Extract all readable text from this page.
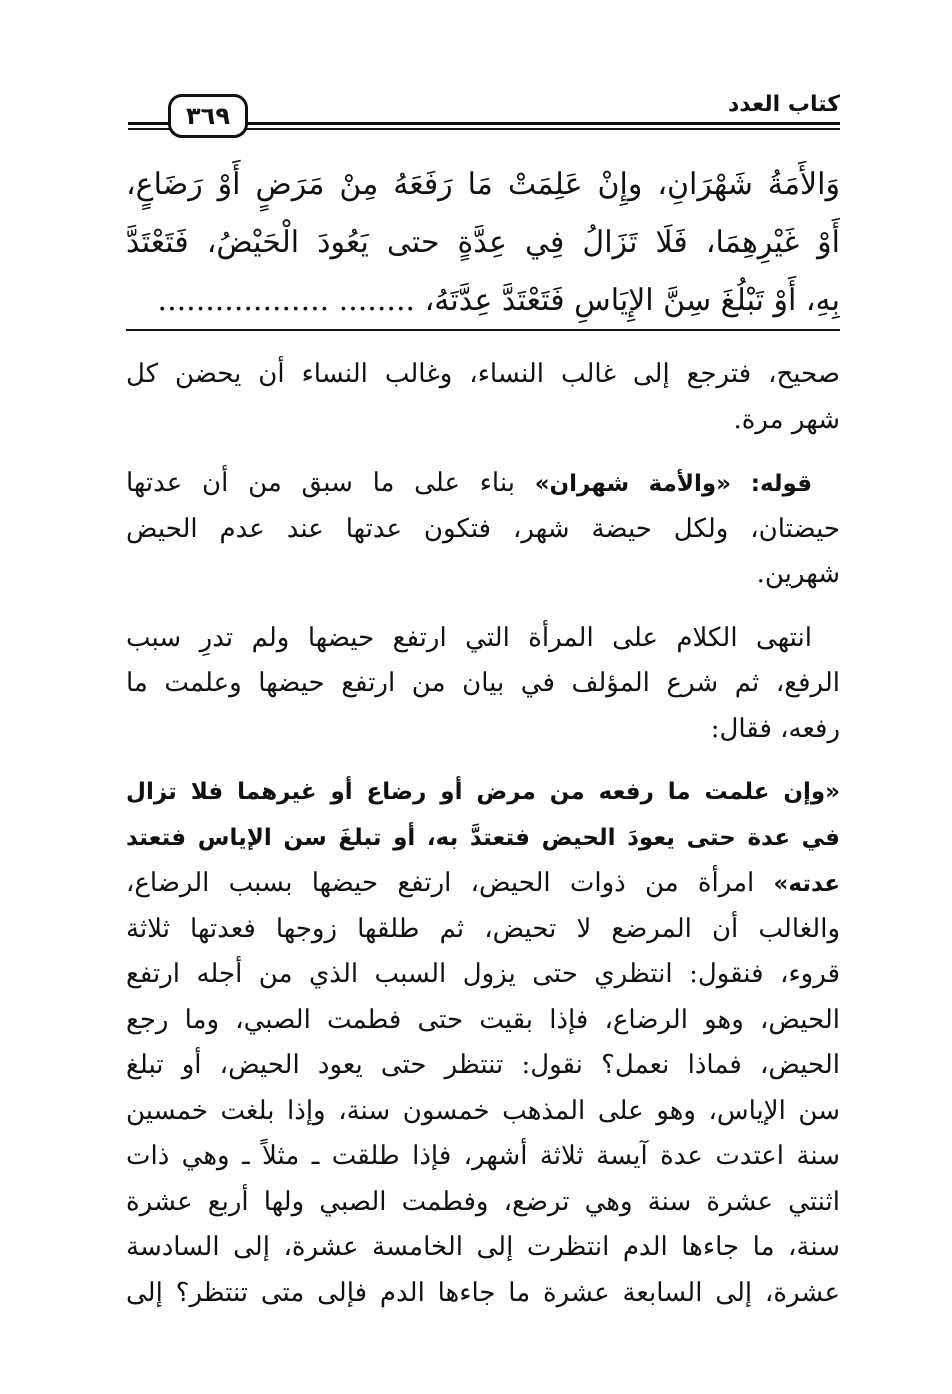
٣٦٩	كتاب العدد
وَالأَمَةُ شَهْرَانِ، وإِنْ عَلِمَتْ مَا رَفَعَهُ مِنْ مَرَضٍ أَوْ رَضَاعٍ،
أَوْ غَيْرِهِمَا، فَلَا تَزَالُ فِي عِدَّةٍ حتى يَعُودَ الْحَيْضُ، فَتَعْتَدَّ
بِهِ، أَوْ تَبْلُغَ سِنَّ الإِيَاسِ فَتَعْتَدَّ عِدَّتَهُ، ........ ..................

صحيح، فترجع إلى غالب النساء، وغالب النساء أن يحضن كل
شهر مرة.

قوله: «والأمة شهران» بناء على ما سبق من أن عدتها
حيضتان، ولكل حيضة شهر، فتكون عدتها عند عدم الحيض
شهرين.

انتهى الكلام على المرأة التي ارتفع حيضها ولم تدرِ سبب
الرفع، ثم شرع المؤلف في بيان من ارتفع حيضها وعلمت ما
رفعه، فقال:

«وإن علمت ما رفعه من مرض أو رضاع أو غيرهما فلا تزال
في عدة حتى يعودَ الحيض فتعتدَّ به، أو تبلغَ سن الإياس فتعتد
عدته» امرأة من ذوات الحيض، ارتفع حيضها بسبب الرضاع،
والغالب أن المرضع لا تحيض، ثم طلقها زوجها فعدتها ثلاثة
قروء، فنقول: انتظري حتى يزول السبب الذي من أجله ارتفع
الحيض، وهو الرضاع، فإذا بقيت حتى فطمت الصبي، وما رجع
الحيض، فماذا نعمل؟ نقول: تنتظر حتى يعود الحيض، أو تبلغ
سن الإياس، وهو على المذهب خمسون سنة، وإذا بلغت خمسين
سنة اعتدت عدة آيسة ثلاثة أشهر، فإذا طلقت ـ مثلاً ـ وهي ذات
اثنتي عشرة سنة وهي ترضع، وفطمت الصبي ولها أربع عشرة
سنة، ما جاءها الدم انتظرت إلى الخامسة عشرة، إلى السادسة
عشرة، إلى السابعة عشرة ما جاءها الدم فإلى متى تنتظر؟ إلى
